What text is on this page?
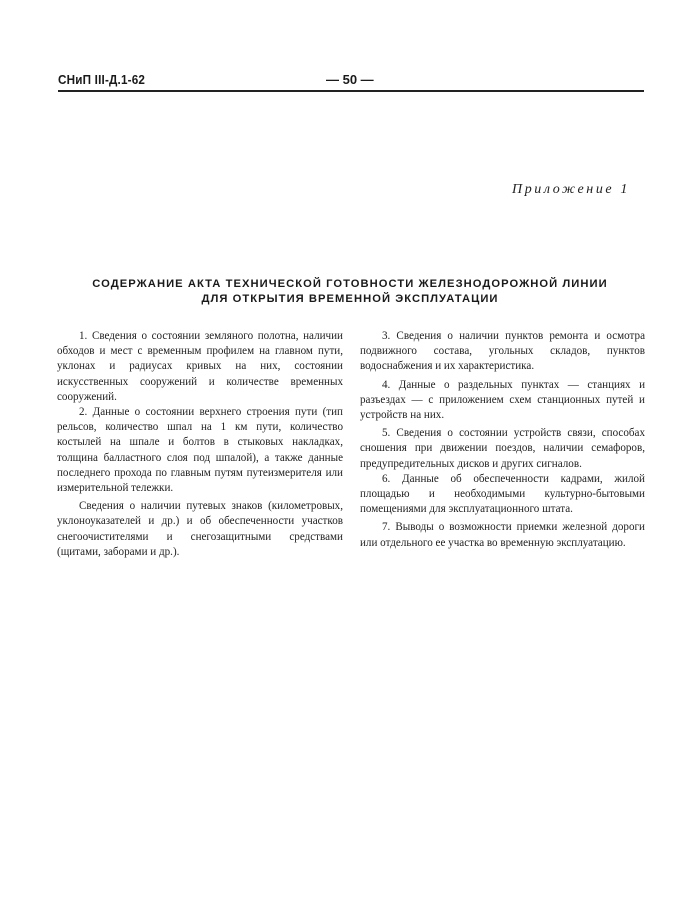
СНиП III-Д.1-62	— 50 —
Приложение 1
СОДЕРЖАНИЕ АКТА ТЕХНИЧЕСКОЙ ГОТОВНОСТИ ЖЕЛЕЗНОДОРОЖНОЙ ЛИНИИ
ДЛЯ ОТКРЫТИЯ ВРЕМЕННОЙ ЭКСПЛУАТАЦИИ

1. Сведения о состоянии земляного полотна, наличии обходов и мест с временным профилем на главном пути, уклонах и радиусах кривых на них, состоянии искусственных сооружений и количестве временных сооружений.

2. Данные о состоянии верхнего строения пути (тип рельсов, количество шпал на 1 км пути, количество костылей на шпале и болтов в стыковых накладках, толщина балластного слоя под шпалой), а также данные последнего прохода по главным путям путеизмерителя или измерительной тележки.

Сведения о наличии путевых знаков (километровых, уклоноуказателей и др.) и об обеспеченности участков снегоочистителями и снегозащитными средствами (щитами, заборами и др.).

3. Сведения о наличии пунктов ремонта и осмотра подвижного состава, угольных складов, пунктов водоснабжения и их характеристика.

4. Данные о раздельных пунктах — станциях и разъездах — с приложением схем станционных путей и устройств на них.

5. Сведения о состоянии устройств связи, способах сношения при движении поездов, наличии семафоров, предупредительных дисков и других сигналов.

6. Данные об обеспеченности кадрами, жилой площадью и необходимыми культурно-бытовыми помещениями для эксплуатационного штата.

7. Выводы о возможности приемки железной дороги или отдельного ее участка во временную эксплуатацию.
